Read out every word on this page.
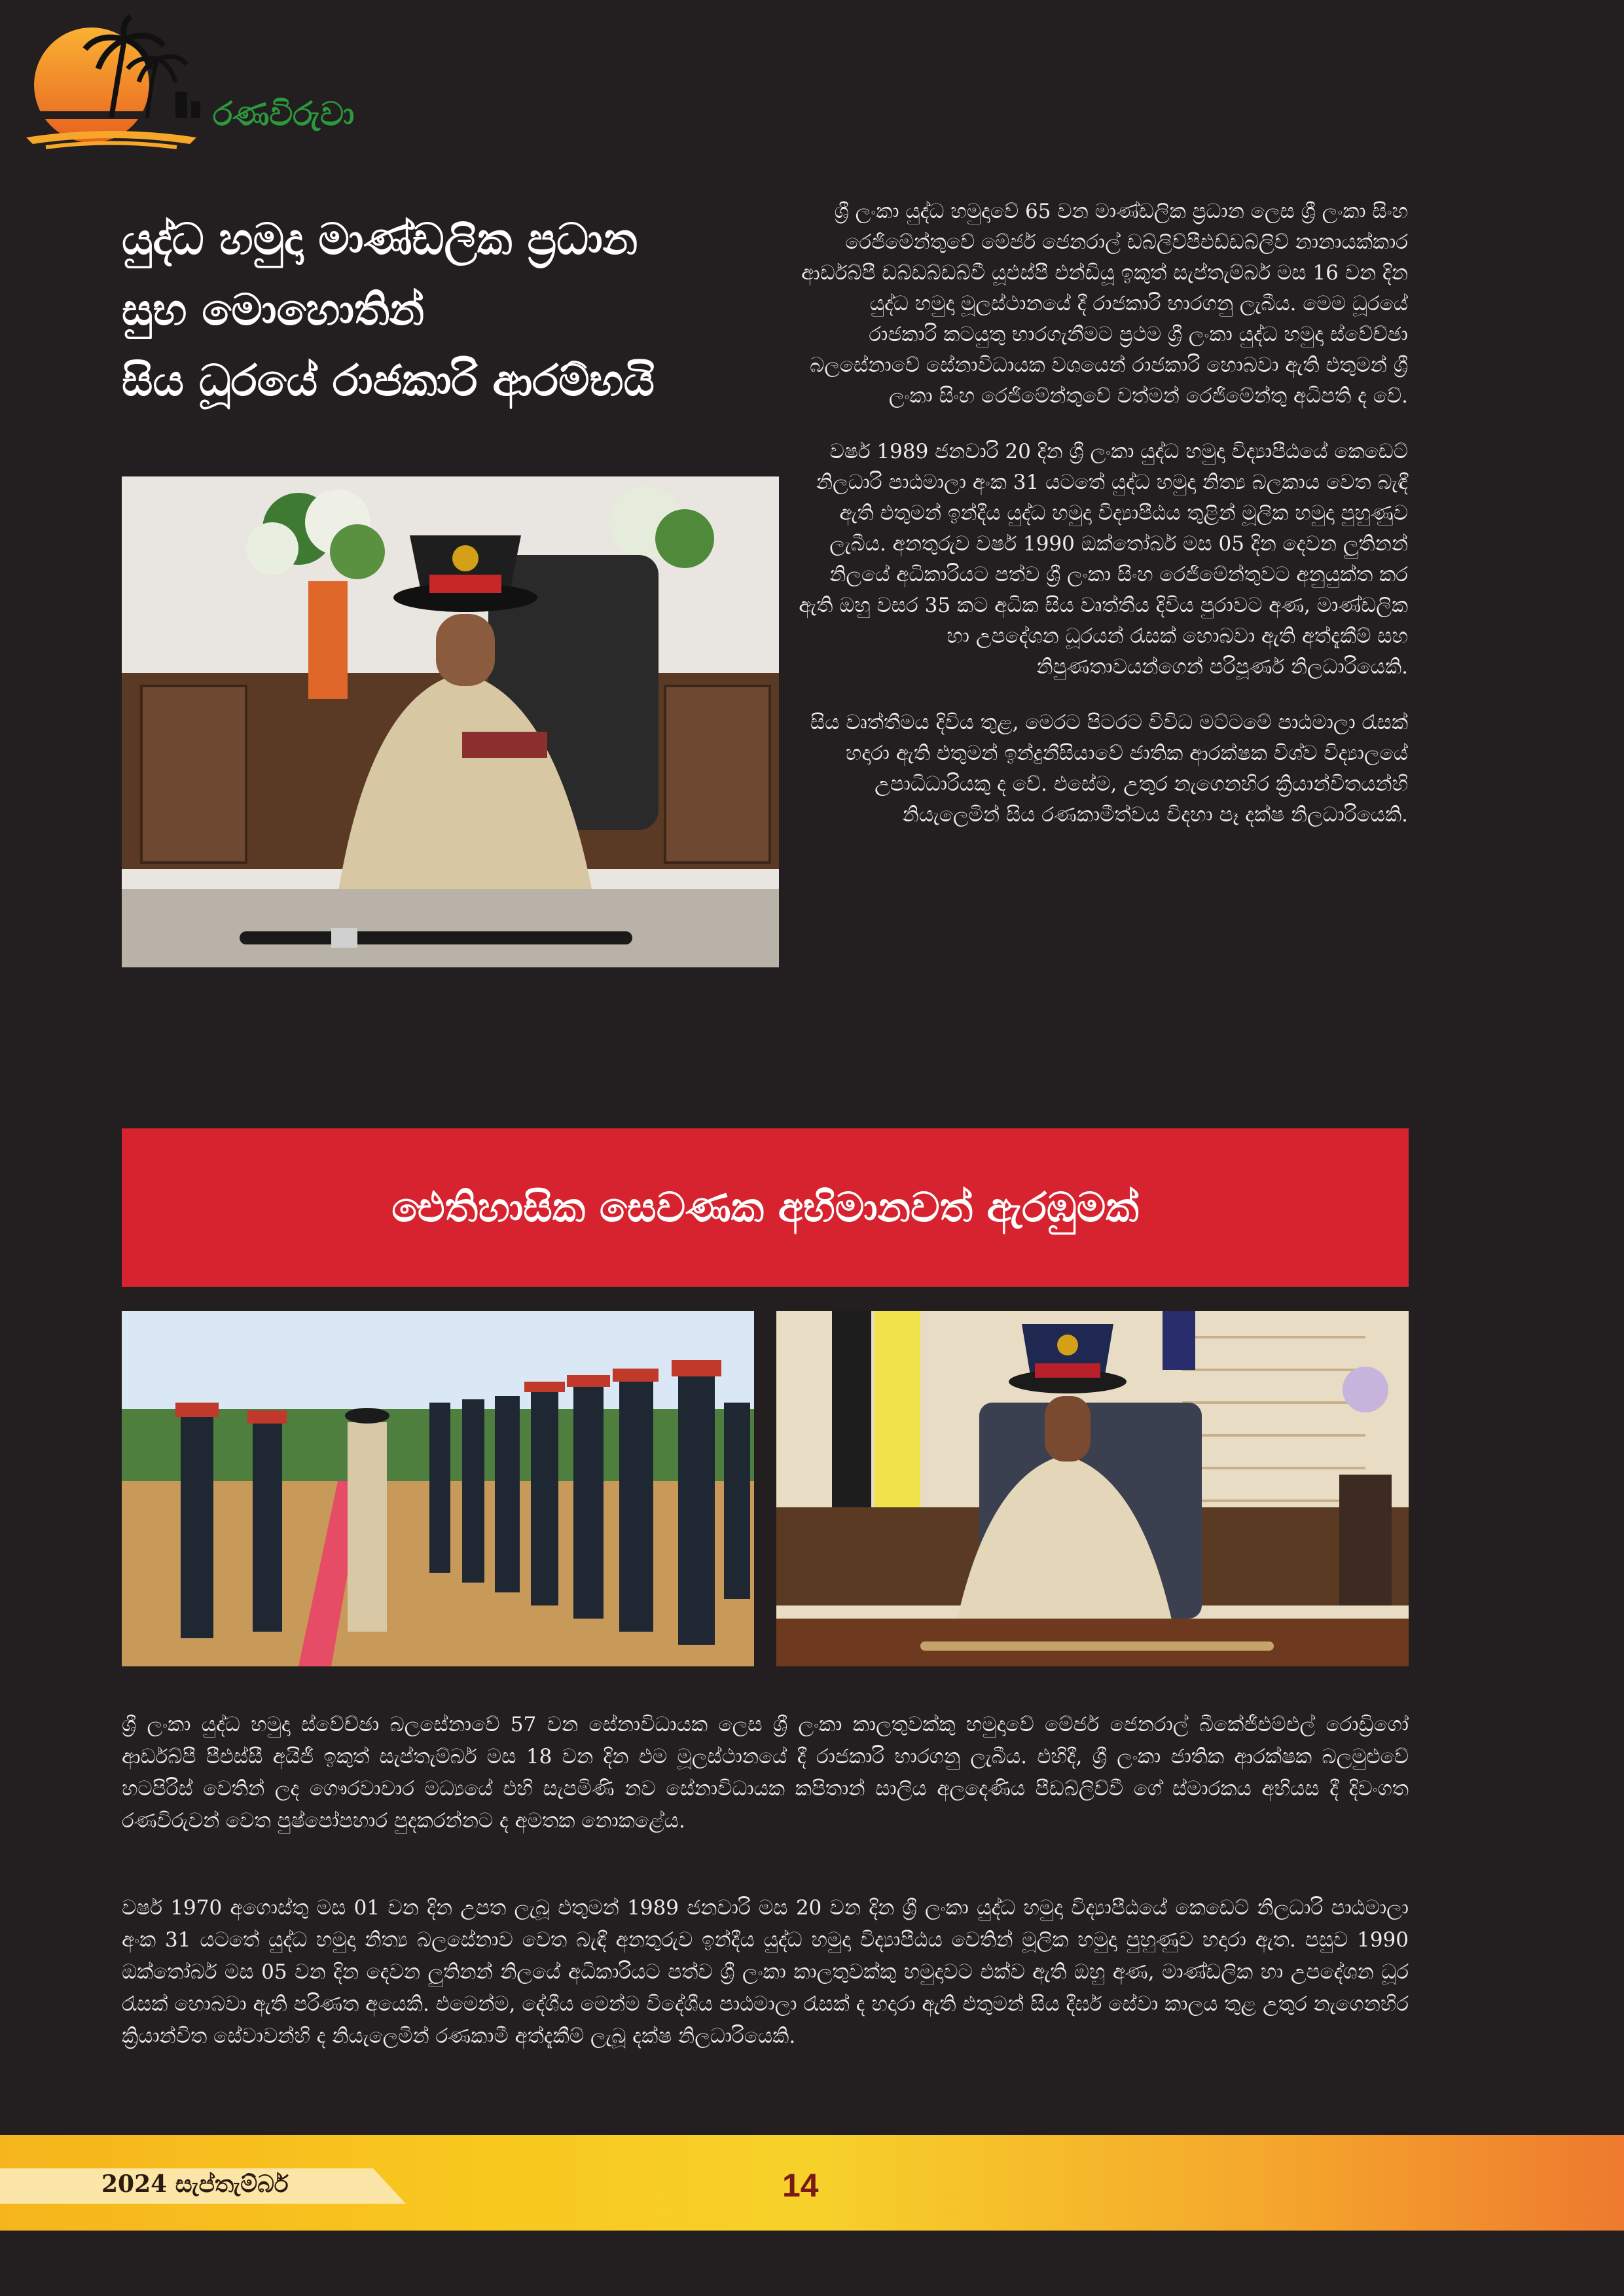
රණවිරුවා
යුද්ධ හමුදා මාණ්ඩලික ප්‍රධාන
සුභ මොහොතින්
සිය ධූරයේ රාජකාරි ආරම්භයි

ශ්‍රී ලංකා යුද්ධ හමුදාවේ 65 වන මාණ්ඩලික ප්‍රධාන ලෙස ශ්‍රී ලංකා සිංහ රෙජිමේන්තුවේ මේජර් ජෙනරාල් ඩබ්ලිව්පීඑඩ්ඩබ්ලිව් නානායක්කාර ආර්ඩබ්පී ඩබ්ඩබ්ඩබ්වී යූඑස්පී එන්ඩියූ ඉකුත් සැප්තැම්බර් මස 16 වන දින යුද්ධ හමුදා මූලස්ථානයේ දී රාජකාරි භාරගනු ලැබීය. මෙම ධූරයේ රාජකාරි කටයුතු භාරගැනීමට ප්‍රථම ශ්‍රී ලංකා යුද්ධ හමුදා ස්වේච්ඡා බලසේනාවේ සේනාවිධායක වශයෙන් රාජකාරි හොබවා ඇති එතුමන් ශ්‍රී ලංකා සිංහ රෙජිමේන්තුවේ වත්මන් රෙජිමේන්තු අධිපති ද වේ.

වර්ෂ 1989 ජනවාරි 20 දින ශ්‍රී ලංකා යුද්ධ හමුදා විද්‍යාපීඨයේ කෙඩෙට් නිලධාරි පාඨමාලා අංක 31 යටතේ යුද්ධ හමුදා නිත්‍ය බලකාය වෙත බැඳී ඇති එතුමන් ඉන්දීය යුද්ධ හමුදා විද්‍යාපීඨය තුළින් මූලික හමුදා පුහුණුව ලැබීය. අනතුරුව වර්ෂ 1990 ඔක්තෝබර් මස 05 දින දෙවන ලුතිනන් නිලයේ අධිකාරියට පත්ව ශ්‍රී ලංකා සිංහ රෙජිමේන්තුවට අනුයුක්ත කර ඇති ඔහු වසර 35 කට අධික සිය වෘත්තීය දිවිය පුරාවට අණ, මාණ්ඩලික හා උපදේශන ධූරයන් රැසක් හොබවා ඇති අත්දැකීම් සහ නිපුණතාවයන්ගෙන් පරිපූර්ණ නිලධාරියෙකි.

සිය වෘත්තීමය දිවිය තුළ, මෙරට පිටරට විවිධ මට්ටමේ පාඨමාලා රැසක් හදාරා ඇති එතුමන් ඉන්දුනීසියාවේ ජාතික ආරක්ෂක විශ්ව විද්‍යාලයේ උපාධිධාරියකු ද වේ. එසේම, උතුර නැගෙනහිර ක්‍රියාන්විතයන්හි නියැලෙමින් සිය රණකාමීත්වය විදහා පෑ දක්ෂ නිලධාරියෙකි.

ඓතිහාසික සෙවණක අභිමානවත් ඇරඹුමක්

ශ්‍රී ලංකා යුද්ධ හමුදා ස්වේච්ඡා බලසේනාවේ 57 වන සේනාවිධායක ලෙස ශ්‍රී ලංකා කාලතුවක්කු හමුදාවේ මේජර් ජෙනරාල් බීකේජීඑම්එල් රොඩ්‍රිගෝ ආර්ඩබ්පී පීඑස්සී අයිජී ඉකුත් සැප්තැම්බර් මස 18 වන දින එම මූලස්ථානයේ දී රාජකාරි භාරගනු ලැබීය. එහිදී, ශ්‍රී ලංකා ජාතික ආරක්ෂක බලමුළුවේ හටපිරිස් වෙතින් ලද ගෞරවාචාර මධ්‍යයේ එහි සැපමිණි නව සේනාවිධායක කපිතාන් සාලිය අලදෙණිය පීඩබ්ලිව්වී ගේ ස්මාරකය අභියස දී දිවංගත රණවිරුවන් වෙත පුෂ්පෝපහාර පුදකරන්නට ද අමතක නොකළේය.

වර්ෂ 1970 අගොස්තු මස 01 වන දින උපත ලැබූ එතුමන් 1989 ජනවාරි මස 20 වන දින ශ්‍රී ලංකා යුද්ධ හමුදා විද්‍යාපීඨයේ කෙඩෙට් නිලධාරි පාඨමාලා අංක 31 යටතේ යුද්ධ හමුදා නිත්‍ය බලසේනාව වෙත බැඳී අනතුරුව ඉන්දීය යුද්ධ හමුදා විද්‍යාපීඨය වෙතින් මූලික හමුදා පුහුණුව හදාරා ඇත. පසුව 1990 ඔක්තෝබර් මස 05 වන දින දෙවන ලුතිනන් නිලයේ අධිකාරියට පත්ව ශ්‍රී ලංකා කාලතුවක්කු හමුදාවට එක්ව ඇති ඔහු අණ, මාණ්ඩලික හා උපදේශන ධූර රැසක් හොබවා ඇති පරිණත අයෙකි. එමෙන්ම, දේශීය මෙන්ම විදේශීය පාඨමාලා රැසක් ද හදාරා ඇති එතුමන් සිය දීර්ඝ සේවා කාලය තුළ උතුර නැගෙනහිර ක්‍රියාන්විත සේවාවන්හි ද නියැලෙමින් රණකාමී අත්දැකීම් ලැබූ දක්ෂ නිලධාරියෙකි.

2024 සැප්තැම්බර්	14
